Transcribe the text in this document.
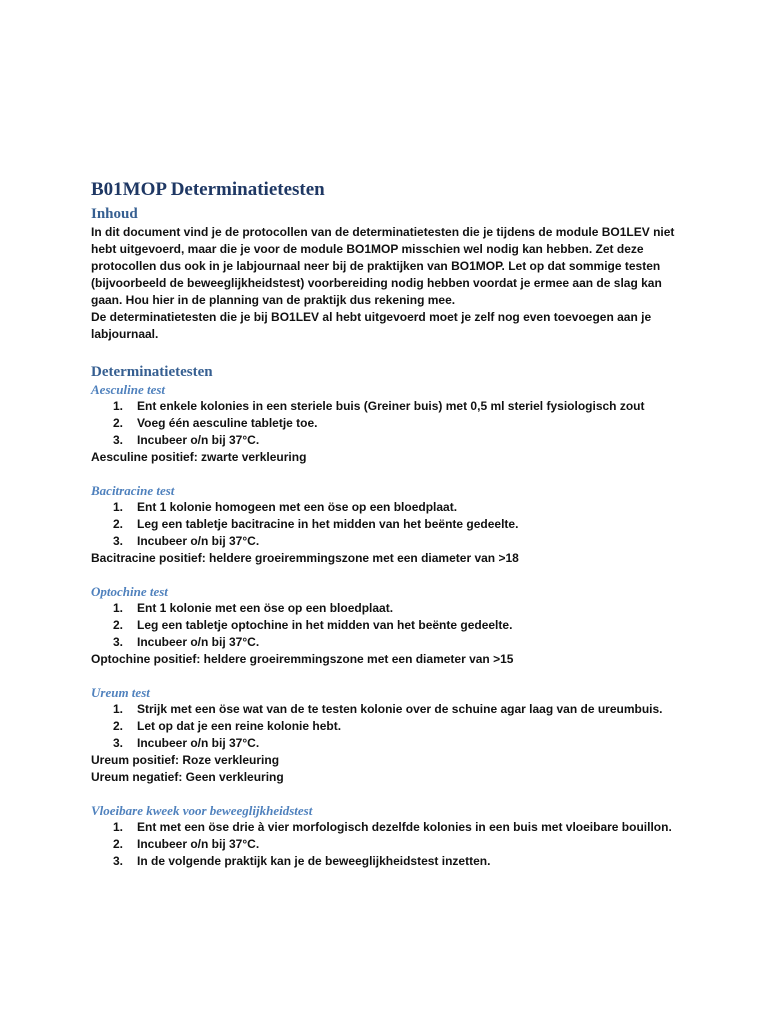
B01MOP Determinatietesten
Inhoud

In dit document vind je de protocollen van de determinatietesten die je tijdens de module BO1LEV niet hebt uitgevoerd, maar die je voor de module BO1MOP misschien wel nodig kan hebben. Zet deze protocollen dus ook in je labjournaal neer bij de praktijken van BO1MOP. Let op dat sommige testen (bijvoorbeeld de beweeglijkheidstest) voorbereiding nodig hebben voordat je ermee aan de slag kan gaan. Hou hier in de planning van de praktijk dus rekening mee.

De determinatietesten die je bij BO1LEV al hebt uitgevoerd moet je zelf nog even toevoegen aan je labjournaal.

Determinatietesten
Aesculine test
1. Ent enkele kolonies in een steriele buis (Greiner buis) met 0,5 ml steriel fysiologisch zout
2. Voeg één aesculine tabletje toe.
3. Incubeer o/n bij 37°C.

Aesculine positief: zwarte verkleuring

Bacitracine test
1. Ent 1 kolonie homogeen met een öse op een bloedplaat.
2. Leg een tabletje bacitracine in het midden van het beënte gedeelte.
3. Incubeer o/n bij 37°C.

Bacitracine positief: heldere groeiremmingszone met een diameter van >18

Optochine test
1. Ent 1 kolonie met een öse op een bloedplaat.
2. Leg een tabletje optochine in het midden van het beënte gedeelte.
3. Incubeer o/n bij 37°C.

Optochine positief: heldere groeiremmingszone met een diameter van >15

Ureum test
1. Strijk met een öse wat van de te testen kolonie over de schuine agar laag van de ureumbuis.
2. Let op dat je een reine kolonie hebt.
3. Incubeer o/n bij 37°C.

Ureum positief: Roze verkleuring

Ureum negatief: Geen verkleuring

Vloeibare kweek voor beweeglijkheidstest
1. Ent met een öse drie à vier morfologisch dezelfde kolonies in een buis met vloeibare bouillon.
2. Incubeer o/n bij 37°C.
3. In de volgende praktijk kan je de beweeglijkheidstest inzetten.
